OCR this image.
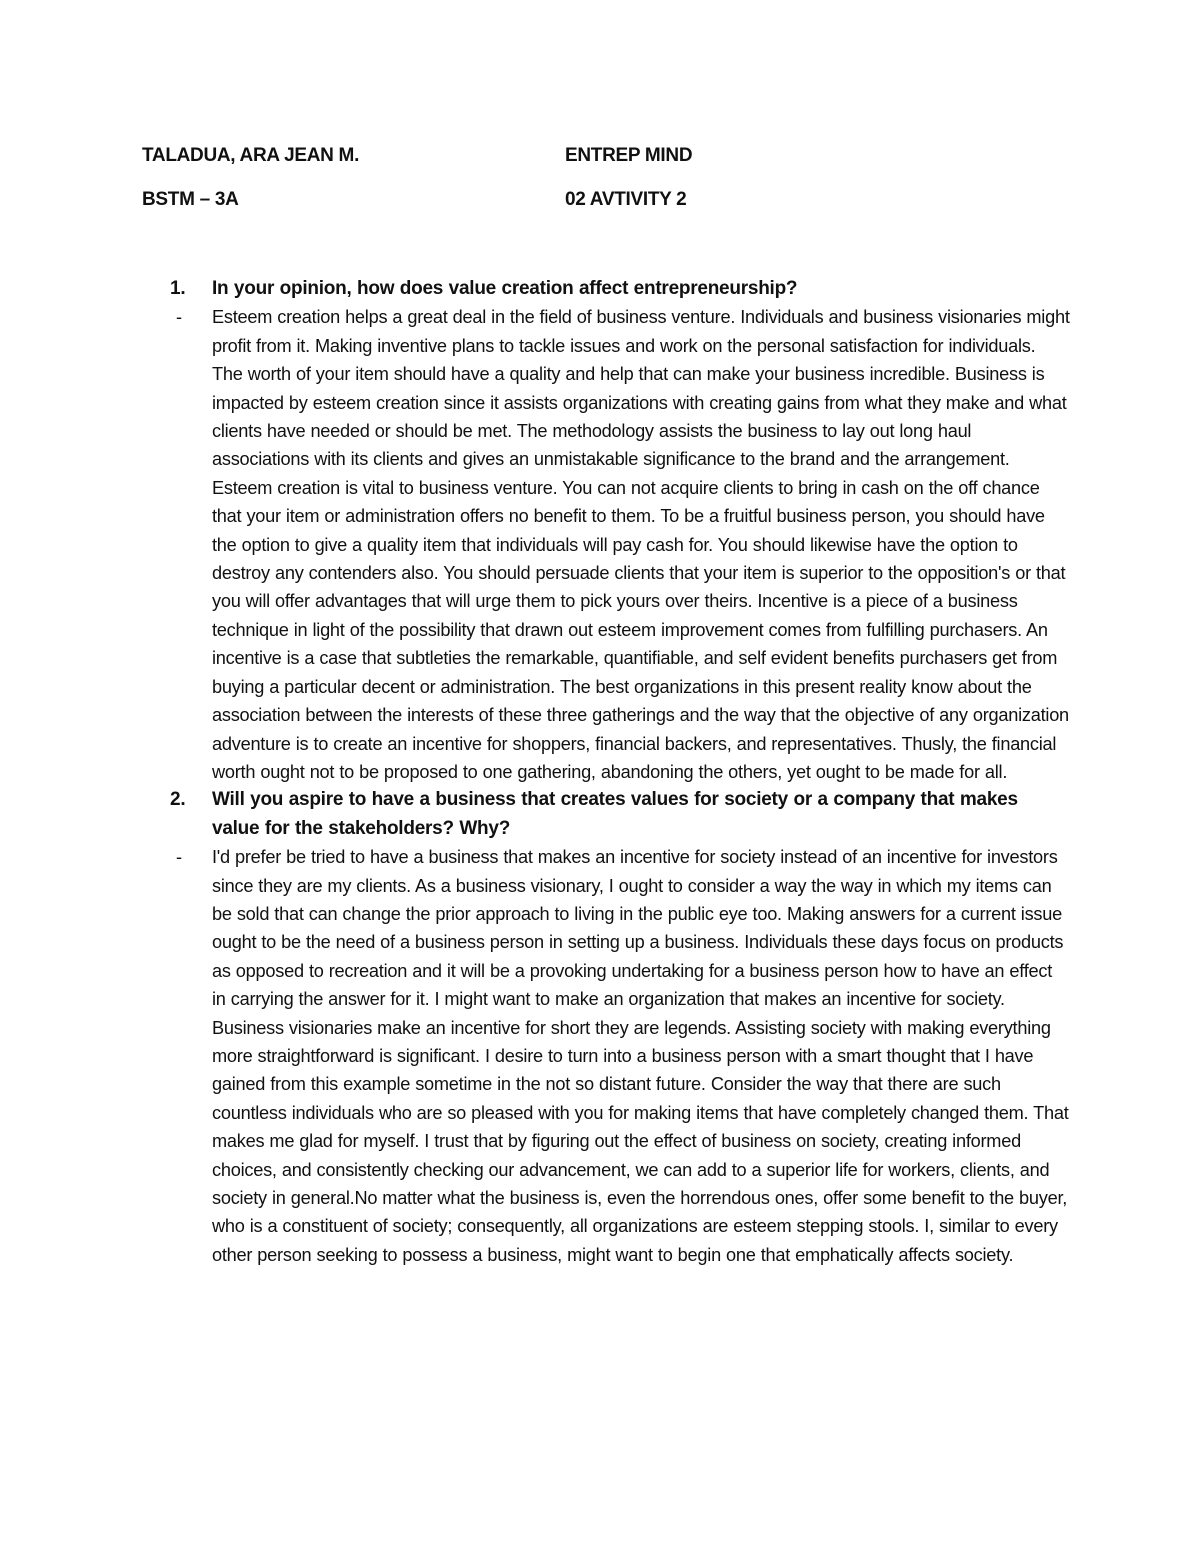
TALADUA, ARA JEAN M.	ENTREP MIND
BSTM – 3A	02 AVTIVITY 2
1. In your opinion, how does value creation affect entrepreneurship?
- Esteem creation helps a great deal in the field of business venture. Individuals and business visionaries might profit from it. Making inventive plans to tackle issues and work on the personal satisfaction for individuals. The worth of your item should have a quality and help that can make your business incredible. Business is impacted by esteem creation since it assists organizations with creating gains from what they make and what clients have needed or should be met. The methodology assists the business to lay out long haul associations with its clients and gives an unmistakable significance to the brand and the arrangement. Esteem creation is vital to business venture. You can not acquire clients to bring in cash on the off chance that your item or administration offers no benefit to them. To be a fruitful business person, you should have the option to give a quality item that individuals will pay cash for. You should likewise have the option to destroy any contenders also. You should persuade clients that your item is superior to the opposition's or that you will offer advantages that will urge them to pick yours over theirs. Incentive is a piece of a business technique in light of the possibility that drawn out esteem improvement comes from fulfilling purchasers. An incentive is a case that subtleties the remarkable, quantifiable, and self evident benefits purchasers get from buying a particular decent or administration. The best organizations in this present reality know about the association between the interests of these three gatherings and the way that the objective of any organization adventure is to create an incentive for shoppers, financial backers, and representatives. Thusly, the financial worth ought not to be proposed to one gathering, abandoning the others, yet ought to be made for all.
2. Will you aspire to have a business that creates values for society or a company that makes value for the stakeholders? Why?
- I'd prefer be tried to have a business that makes an incentive for society instead of an incentive for investors since they are my clients. As a business visionary, I ought to consider a way the way in which my items can be sold that can change the prior approach to living in the public eye too. Making answers for a current issue ought to be the need of a business person in setting up a business. Individuals these days focus on products as opposed to recreation and it will be a provoking undertaking for a business person how to have an effect in carrying the answer for it. I might want to make an organization that makes an incentive for society. Business visionaries make an incentive for short they are legends. Assisting society with making everything more straightforward is significant. I desire to turn into a business person with a smart thought that I have gained from this example sometime in the not so distant future. Consider the way that there are such countless individuals who are so pleased with you for making items that have completely changed them. That makes me glad for myself. I trust that by figuring out the effect of business on society, creating informed choices, and consistently checking our advancement, we can add to a superior life for workers, clients, and society in general.No matter what the business is, even the horrendous ones, offer some benefit to the buyer, who is a constituent of society; consequently, all organizations are esteem stepping stools. I, similar to every other person seeking to possess a business, might want to begin one that emphatically affects society.
